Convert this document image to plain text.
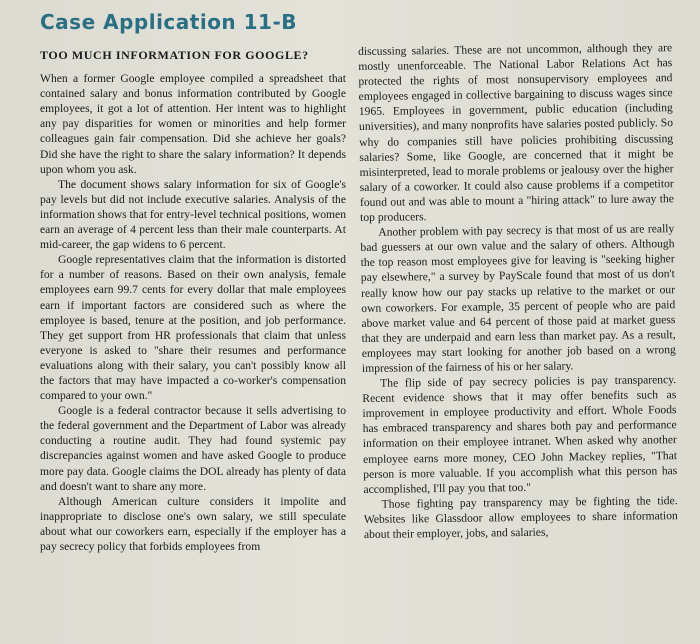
Case Application 11-B
TOO MUCH INFORMATION FOR GOOGLE?

When a former Google employee compiled a spreadsheet that contained salary and bonus information contributed by Google employees, it got a lot of attention. Her intent was to highlight any pay disparities for women or minorities and help former colleagues gain fair compensation. Did she achieve her goals? Did she have the right to share the salary information? It depends upon whom you ask.

The document shows salary information for six of Google's pay levels but did not include executive salaries. Analysis of the information shows that for entry-level technical positions, women earn an average of 4 percent less than their male counterparts. At mid-career, the gap widens to 6 percent.

Google representatives claim that the information is distorted for a number of reasons. Based on their own analysis, female employees earn 99.7 cents for every dollar that male employees earn if important factors are considered such as where the employee is based, tenure at the position, and job performance. They get support from HR professionals that claim that unless everyone is asked to "share their resumes and performance evaluations along with their salary, you can't possibly know all the factors that may have impacted a co-worker's compensation compared to your own."

Google is a federal contractor because it sells advertising to the federal government and the Department of Labor was already conducting a routine audit. They had found systemic pay discrepancies against women and have asked Google to produce more pay data. Google claims the DOL already has plenty of data and doesn't want to share any more.

Although American culture considers it impolite and inappropriate to disclose one's own salary, we still speculate about what our coworkers earn, especially if the employer has a pay secrecy policy that forbids employees from

discussing salaries. These are not uncommon, although they are mostly unenforceable. The National Labor Relations Act has protected the rights of most nonsupervisory employees and employees engaged in collective bargaining to discuss wages since 1965. Employees in government, public education (including universities), and many nonprofits have salaries posted publicly. So why do companies still have policies prohibiting discussing salaries? Some, like Google, are concerned that it might be misinterpreted, lead to morale problems or jealousy over the higher salary of a coworker. It could also cause problems if a competitor found out and was able to mount a "hiring attack" to lure away the top producers.

Another problem with pay secrecy is that most of us are really bad guessers at our own value and the salary of others. Although the top reason most employees give for leaving is "seeking higher pay elsewhere," a survey by PayScale found that most of us don't really know how our pay stacks up relative to the market or our own coworkers. For example, 35 percent of people who are paid above market value and 64 percent of those paid at market guess that they are underpaid and earn less than market pay. As a result, employees may start looking for another job based on a wrong impression of the fairness of his or her salary.

The flip side of pay secrecy policies is pay transparency. Recent evidence shows that it may offer benefits such as improvement in employee productivity and effort. Whole Foods has embraced transparency and shares both pay and performance information on their employee intranet. When asked why another employee earns more money, CEO John Mackey replies, "That person is more valuable. If you accomplish what this person has accomplished, I'll pay you that too."

Those fighting pay transparency may be fighting the tide. Websites like Glassdoor allow employees to share information about their employer, jobs, and salaries,
